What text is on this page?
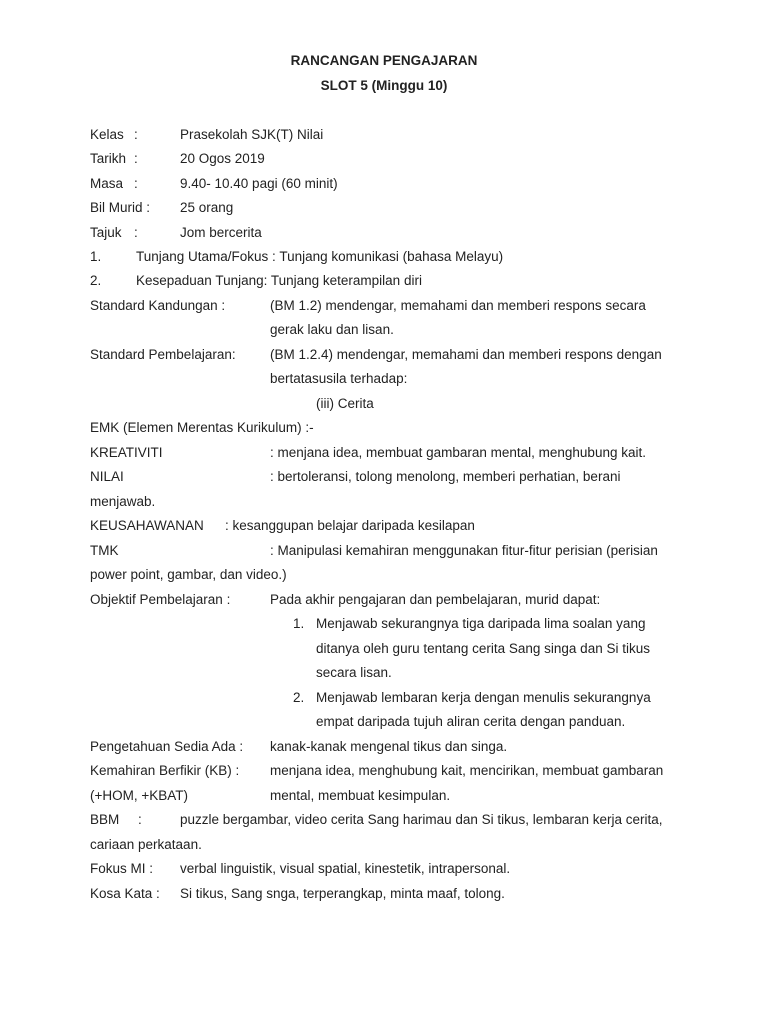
RANCANGAN PENGAJARAN
SLOT 5 (Minggu 10)
Kelas :	Prasekolah SJK(T) Nilai
Tarikh :	20 Ogos 2019
Masa :	9.40- 10.40 pagi (60 minit)
Bil Murid : 25 orang
Tajuk :	Jom bercerita
1.	Tunjang Utama/Fokus : Tunjang komunikasi (bahasa Melayu)
2.	Kesepaduan Tunjang: Tunjang keterampilan diri
Standard Kandungan :	(BM 1.2) mendengar, memahami dan memberi respons secara
gerak laku dan lisan.
Standard Pembelajaran:	(BM 1.2.4) mendengar, memahami dan memberi respons dengan
bertatasusila terhadap:
(iii) Cerita
EMK (Elemen Merentas Kurikulum) :-
KREATIVITI	: menjana idea, membuat gambaran mental, menghubung kait.
NILAI	: bertoleransi, tolong menolong, memberi perhatian, berani
menjawab.
KEUSAHAWANAN : kesanggupan belajar daripada kesilapan
TMK	: Manipulasi kemahiran menggunakan fitur-fitur perisian (perisian
power point, gambar, dan video.)
Objektif Pembelajaran :	Pada akhir pengajaran dan pembelajaran, murid dapat:
1. Menjawab sekurangnya tiga daripada lima soalan yang
ditanya oleh guru tentang cerita Sang singa dan Si tikus
secara lisan.
2. Menjawab lembaran kerja dengan menulis sekurangnya
empat daripada tujuh aliran cerita dengan panduan.
Pengetahuan Sedia Ada : kanak-kanak mengenal tikus dan singa.
Kemahiran Berfikir (KB) : menjana idea, menghubung kait, mencirikan, membuat gambaran
(+HOM, +KBAT)	mental, membuat kesimpulan.
BBM     :	puzzle bergambar, video cerita Sang harimau dan Si tikus, lembaran kerja cerita,
cariaan perkataan.
Fokus MI : verbal linguistik, visual spatial, kinestetik, intrapersonal.
Kosa Kata : Si tikus, Sang snga, terperangkap, minta maaf, tolong.
